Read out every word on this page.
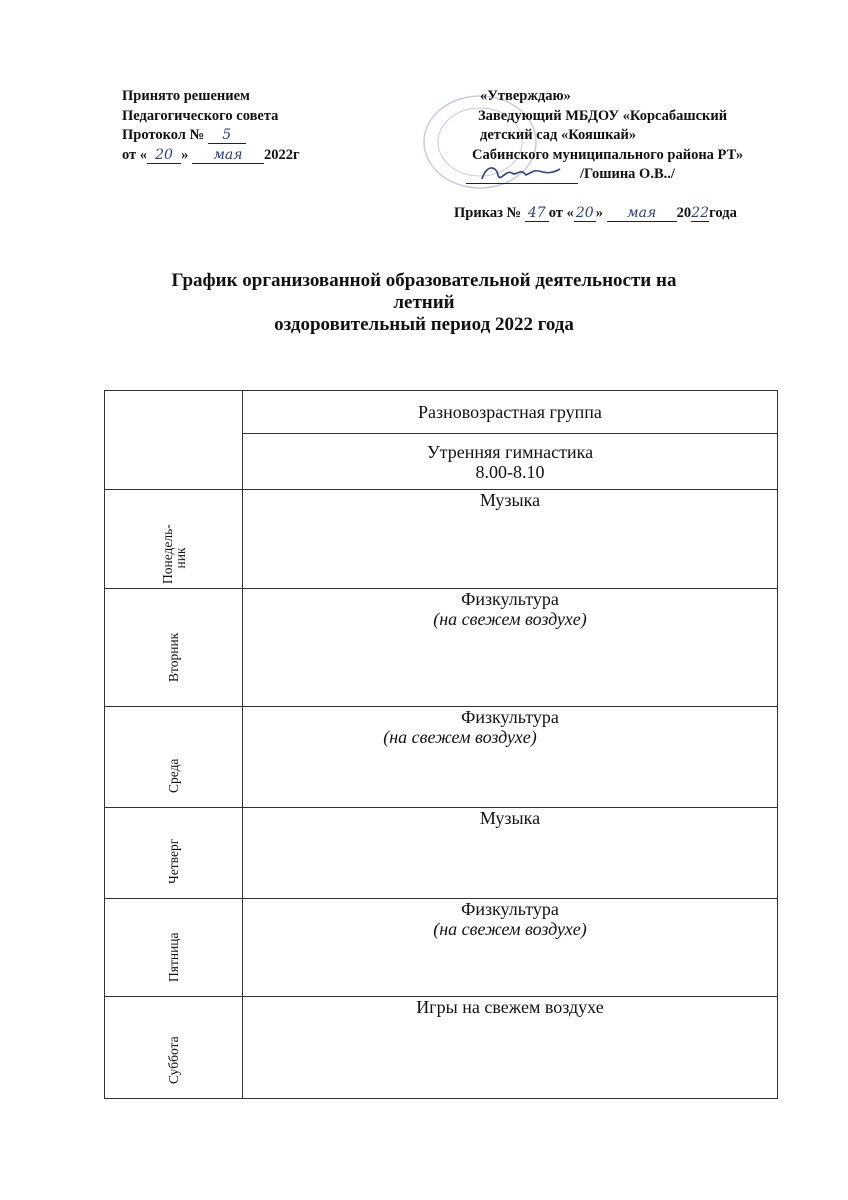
Принято решением
Педагогического совета
Протокол № 5
от « 20 » мая 2022г
«Утверждаю»
Заведующий МБДОУ «Корсабашский
детский сад «Кояшкай»
Сабинского муниципального района РТ»
/Гошина О.В../
Приказ № 47 от « 20 » мая 2022года
График организованной образовательной деятельности на
летний
оздоровительный период 2022 года
	Разновозрастная группа

	Утренняя гимнастика
8.00-8.10

Понедель-
ник	Музыка

Вторник	Физкультура
(на свежем воздухе)

Среда	Физкультура
(на свежем воздухе)

Четверг	Музыка

Пятница	Физкультура
(на свежем воздухе)

Суббота	Игры на свежем воздухе
